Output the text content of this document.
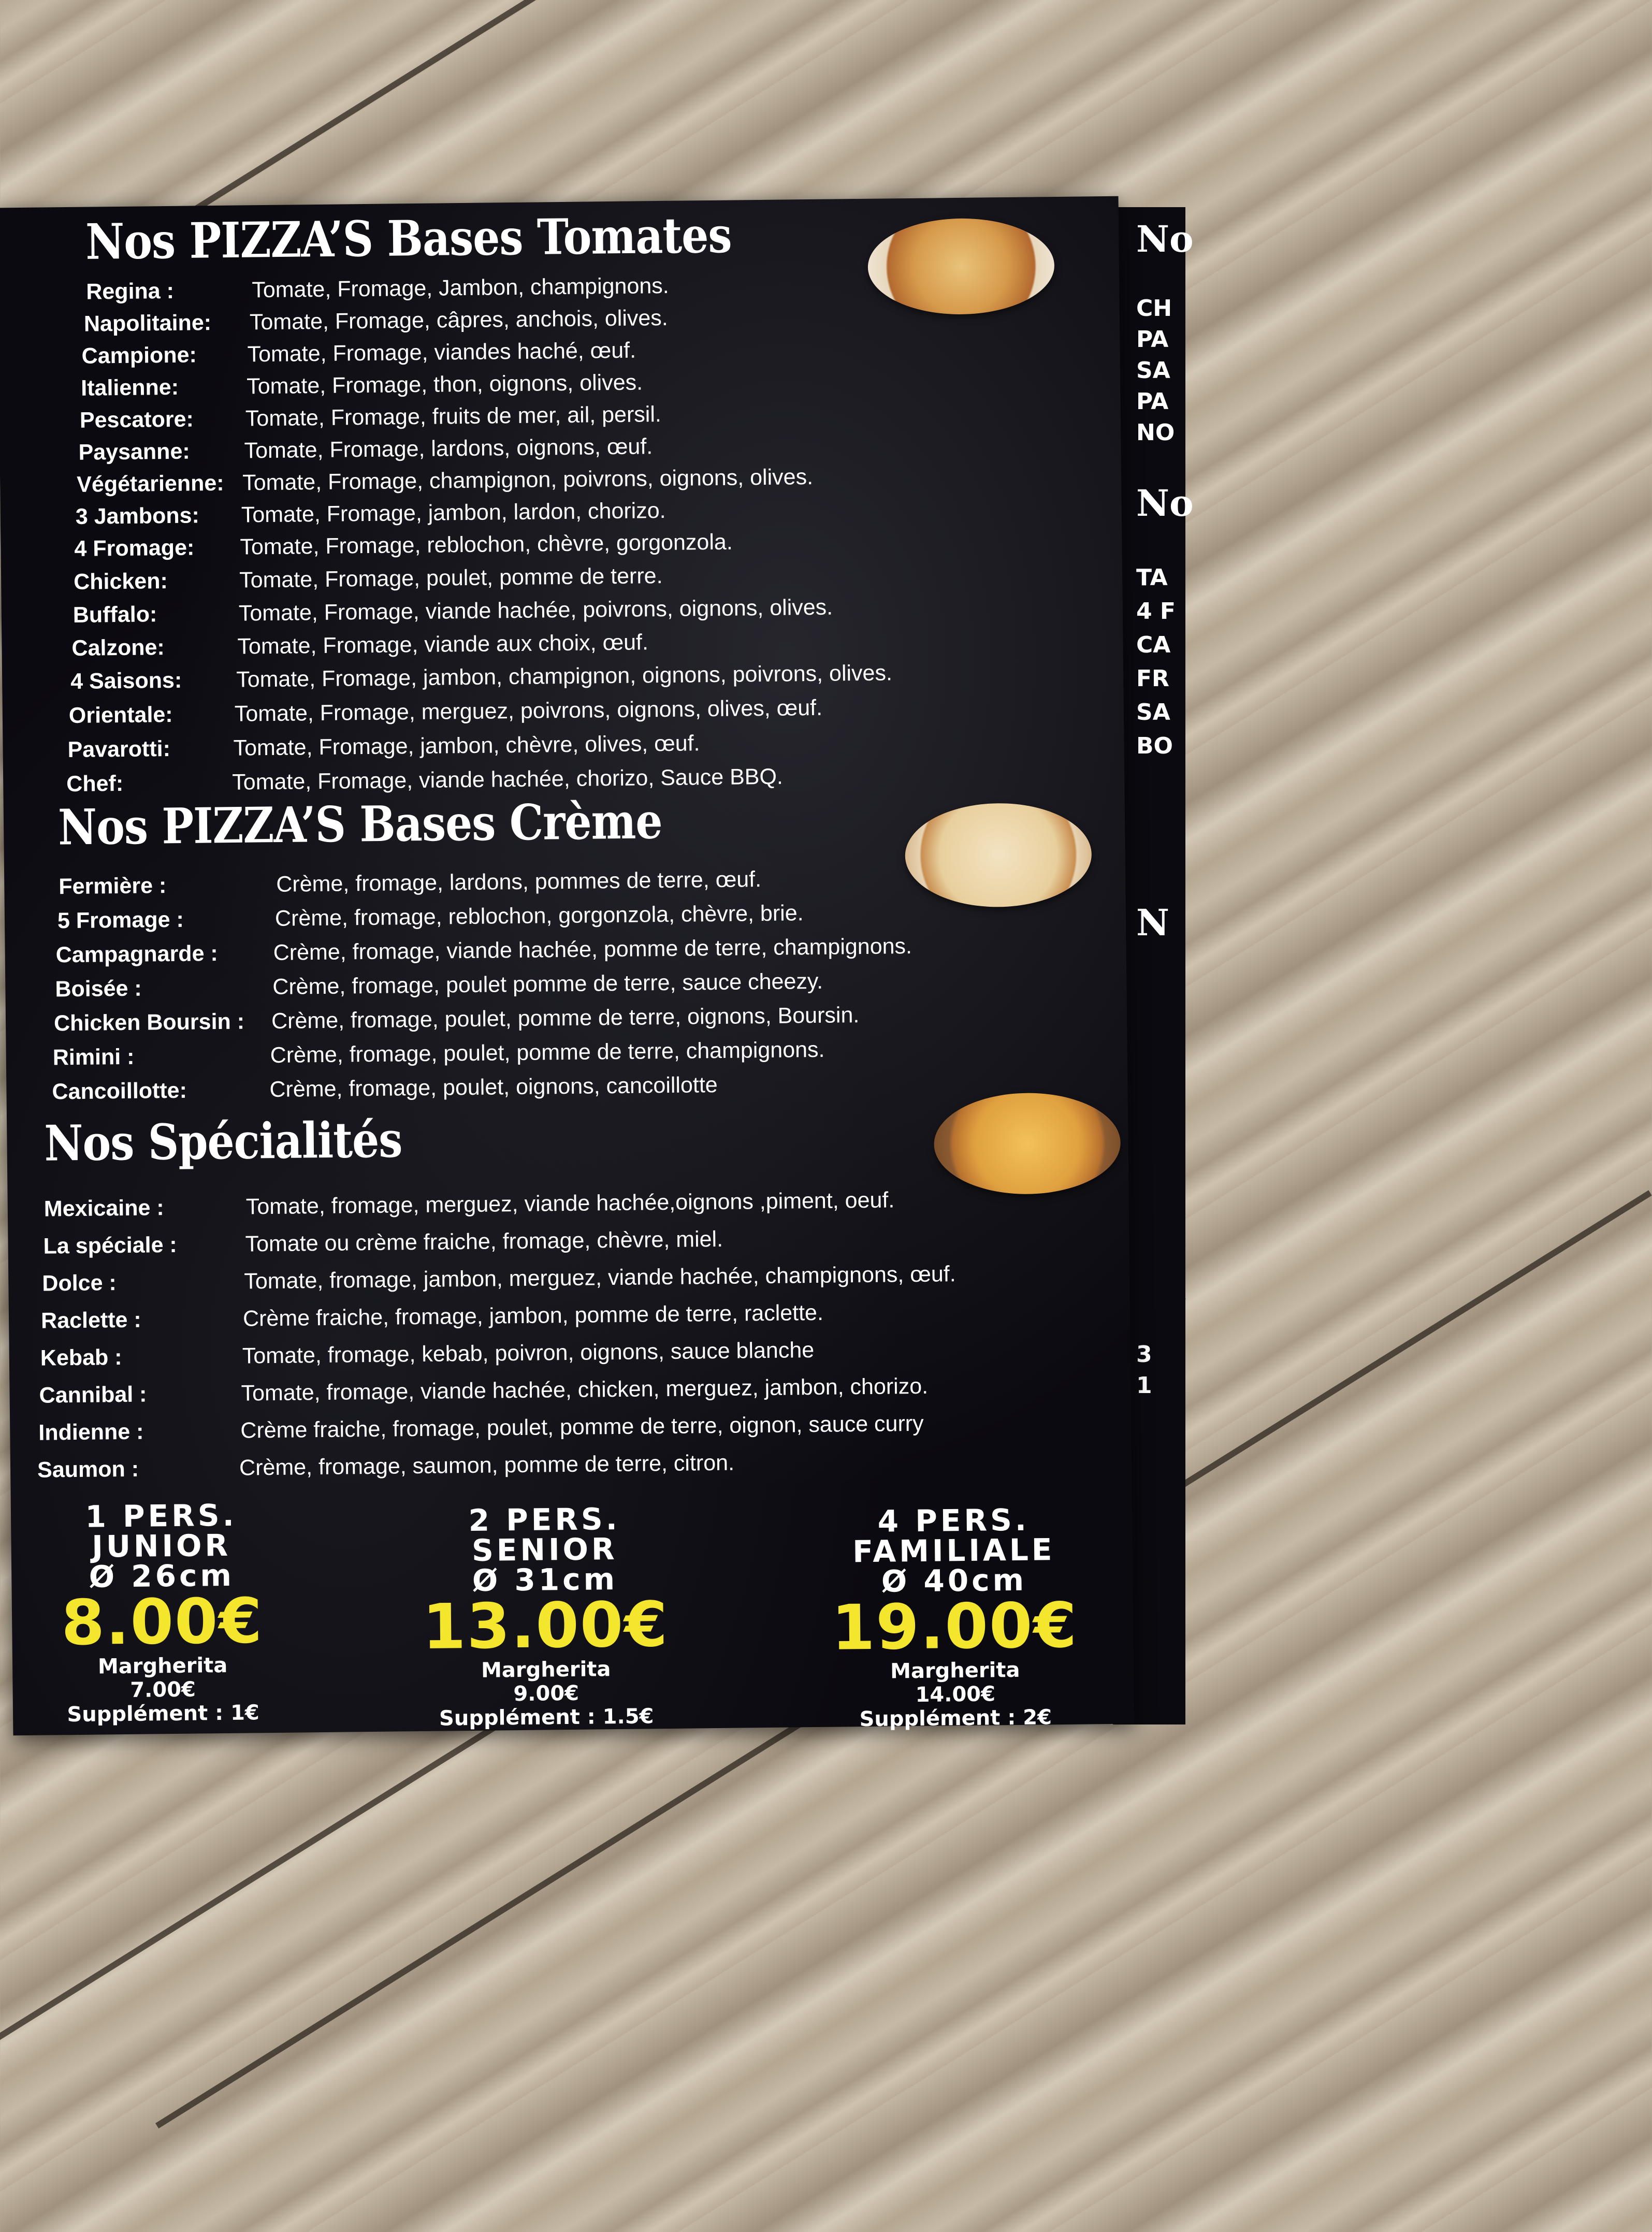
No
CH
PA
SA
PA
NO
No
TA
4 F
CA
FR
SA
BO
N
3
1
Nos PIZZA’S Bases Tomates
Regina :	Tomate, Fromage, Jambon, champignons.
Napolitaine: Tomate, Fromage, câpres, anchois, olives.
Campione: Tomate, Fromage, viandes haché, œuf.
Italienne:	Tomate, Fromage, thon, oignons, olives.
Pescatore: Tomate, Fromage, fruits de mer, ail, persil.
Paysanne: Tomate, Fromage, lardons, oignons, œuf.
Végétarienne: Tomate, Fromage, champignon, poivrons, oignons, olives.
3 Jambons: Tomate, Fromage, jambon, lardon, chorizo.
4 Fromage: Tomate, Fromage, reblochon, chèvre, gorgonzola.
Chicken:	Tomate, Fromage, poulet, pomme de terre.
Buffalo:	Tomate, Fromage, viande hachée, poivrons, oignons, olives.
Calzone:	Tomate, Fromage, viande aux choix, œuf.
4 Saisons: Tomate, Fromage, jambon, champignon, oignons, poivrons, olives.
Orientale:	Tomate, Fromage, merguez, poivrons, oignons, olives, œuf.
Pavarotti:	Tomate, Fromage, jambon, chèvre, olives, œuf.
Chef:	Tomate, Fromage, viande hachée, chorizo, Sauce BBQ.
Nos PIZZA’S Bases Crème
Fermière :	Crème, fromage, lardons, pommes de terre, œuf.
5 Fromage :	Crème, fromage, reblochon, gorgonzola, chèvre, brie.
Campagnarde : Crème, fromage, viande hachée, pomme de terre, champignons.
Boisée :	Crème, fromage, poulet pomme de terre, sauce cheezy.
Chicken Boursin : Crème, fromage, poulet, pomme de terre, oignons, Boursin.
Rimini :	Crème, fromage, poulet, pomme de terre, champignons.
Cancoillotte:	Crème, fromage, poulet, oignons, cancoillotte
Nos Spécialités
Mexicaine :	Tomate, fromage, merguez, viande hachée,oignons ,piment, oeuf.
La spéciale :	Tomate ou crème fraiche, fromage, chèvre, miel.
Dolce :	Tomate, fromage, jambon, merguez, viande hachée, champignons, œuf.
Raclette :	Crème fraiche, fromage, jambon, pomme de terre, raclette.
Kebab :	Tomate, fromage, kebab, poivron, oignons, sauce blanche
Cannibal :	Tomate, fromage, viande hachée, chicken, merguez, jambon, chorizo.
Indienne :	Crème fraiche, fromage, poulet, pomme de terre, oignon, sauce curry
Saumon :	Crème, fromage, saumon, pomme de terre, citron.
1 PERS.
JUNIOR
Ø 26cm
8.00€
Margherita
7.00€
Supplément : 1€
2 PERS.
SENIOR
Ø 31cm
13.00€
Margherita
9.00€
Supplément : 1.5€
4 PERS.
FAMILIALE
Ø 40cm
19.00€
Margherita
14.00€
Supplément : 2€
